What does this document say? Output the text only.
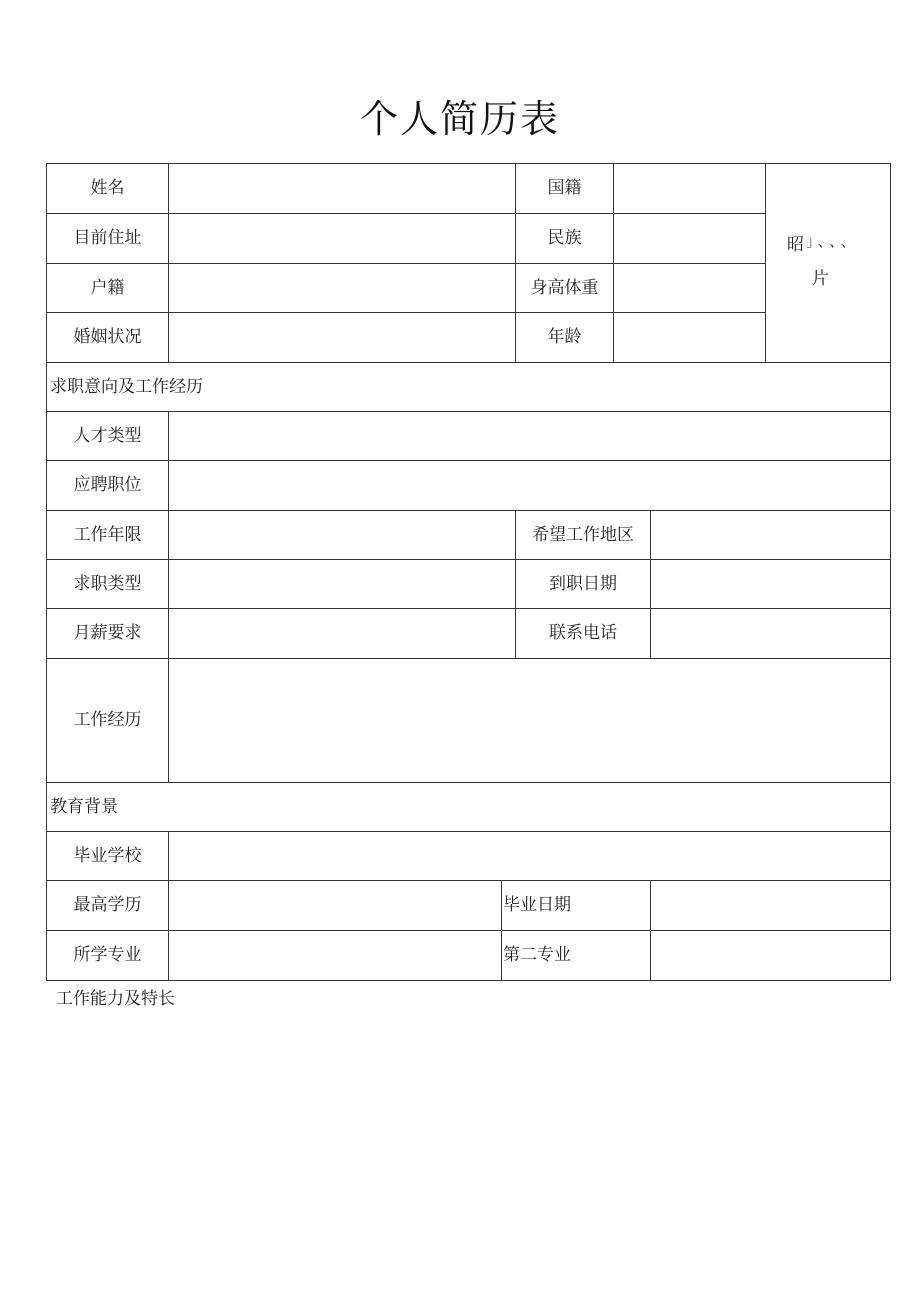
个人简历表
姓名	国籍
目前住址	民族
户籍	身高体重
婚姻状况	年龄
昭 」、、、
片
求职意向及工作经历
人才类型
应聘职位
工作年限	希望工作地区
求职类型	到职日期
月薪要求	联系电话
工作经历
教育背景
毕业学校
最高学历	毕业日期
所学专业	第二专业
工作能力及特长
